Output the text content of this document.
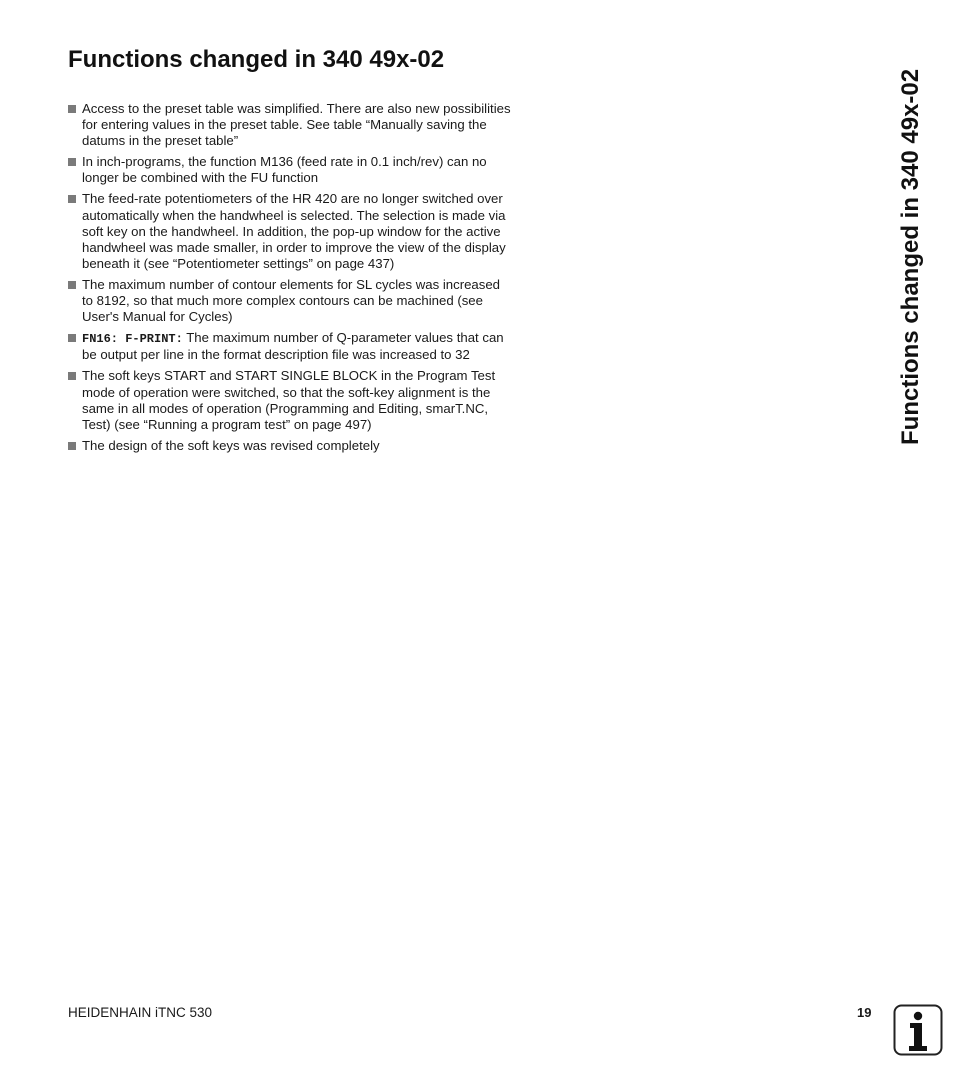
Functions changed in 340 49x-02
Access to the preset table was simplified. There are also new possibilities for entering values in the preset table. See table “Manually saving the datums in the preset table”
In inch-programs, the function M136 (feed rate in 0.1 inch/rev) can no longer be combined with the FU function
The feed-rate potentiometers of the HR 420 are no longer switched over automatically when the handwheel is selected. The selection is made via soft key on the handwheel. In addition, the pop-up window for the active handwheel was made smaller, in order to improve the view of the display beneath it (see “Potentiometer settings” on page 437)
The maximum number of contour elements for SL cycles was increased to 8192, so that much more complex contours can be machined (see User's Manual for Cycles)
FN16: F-PRINT: The maximum number of Q-parameter values that can be output per line in the format description file was increased to 32
The soft keys START and START SINGLE BLOCK in the Program Test mode of operation were switched, so that the soft-key alignment is the same in all modes of operation (Programming and Editing, smarT.NC, Test) (see “Running a program test” on page 497)
The design of the soft keys was revised completely
Functions changed in 340 49x-02
HEIDENHAIN iTNC 530	19
